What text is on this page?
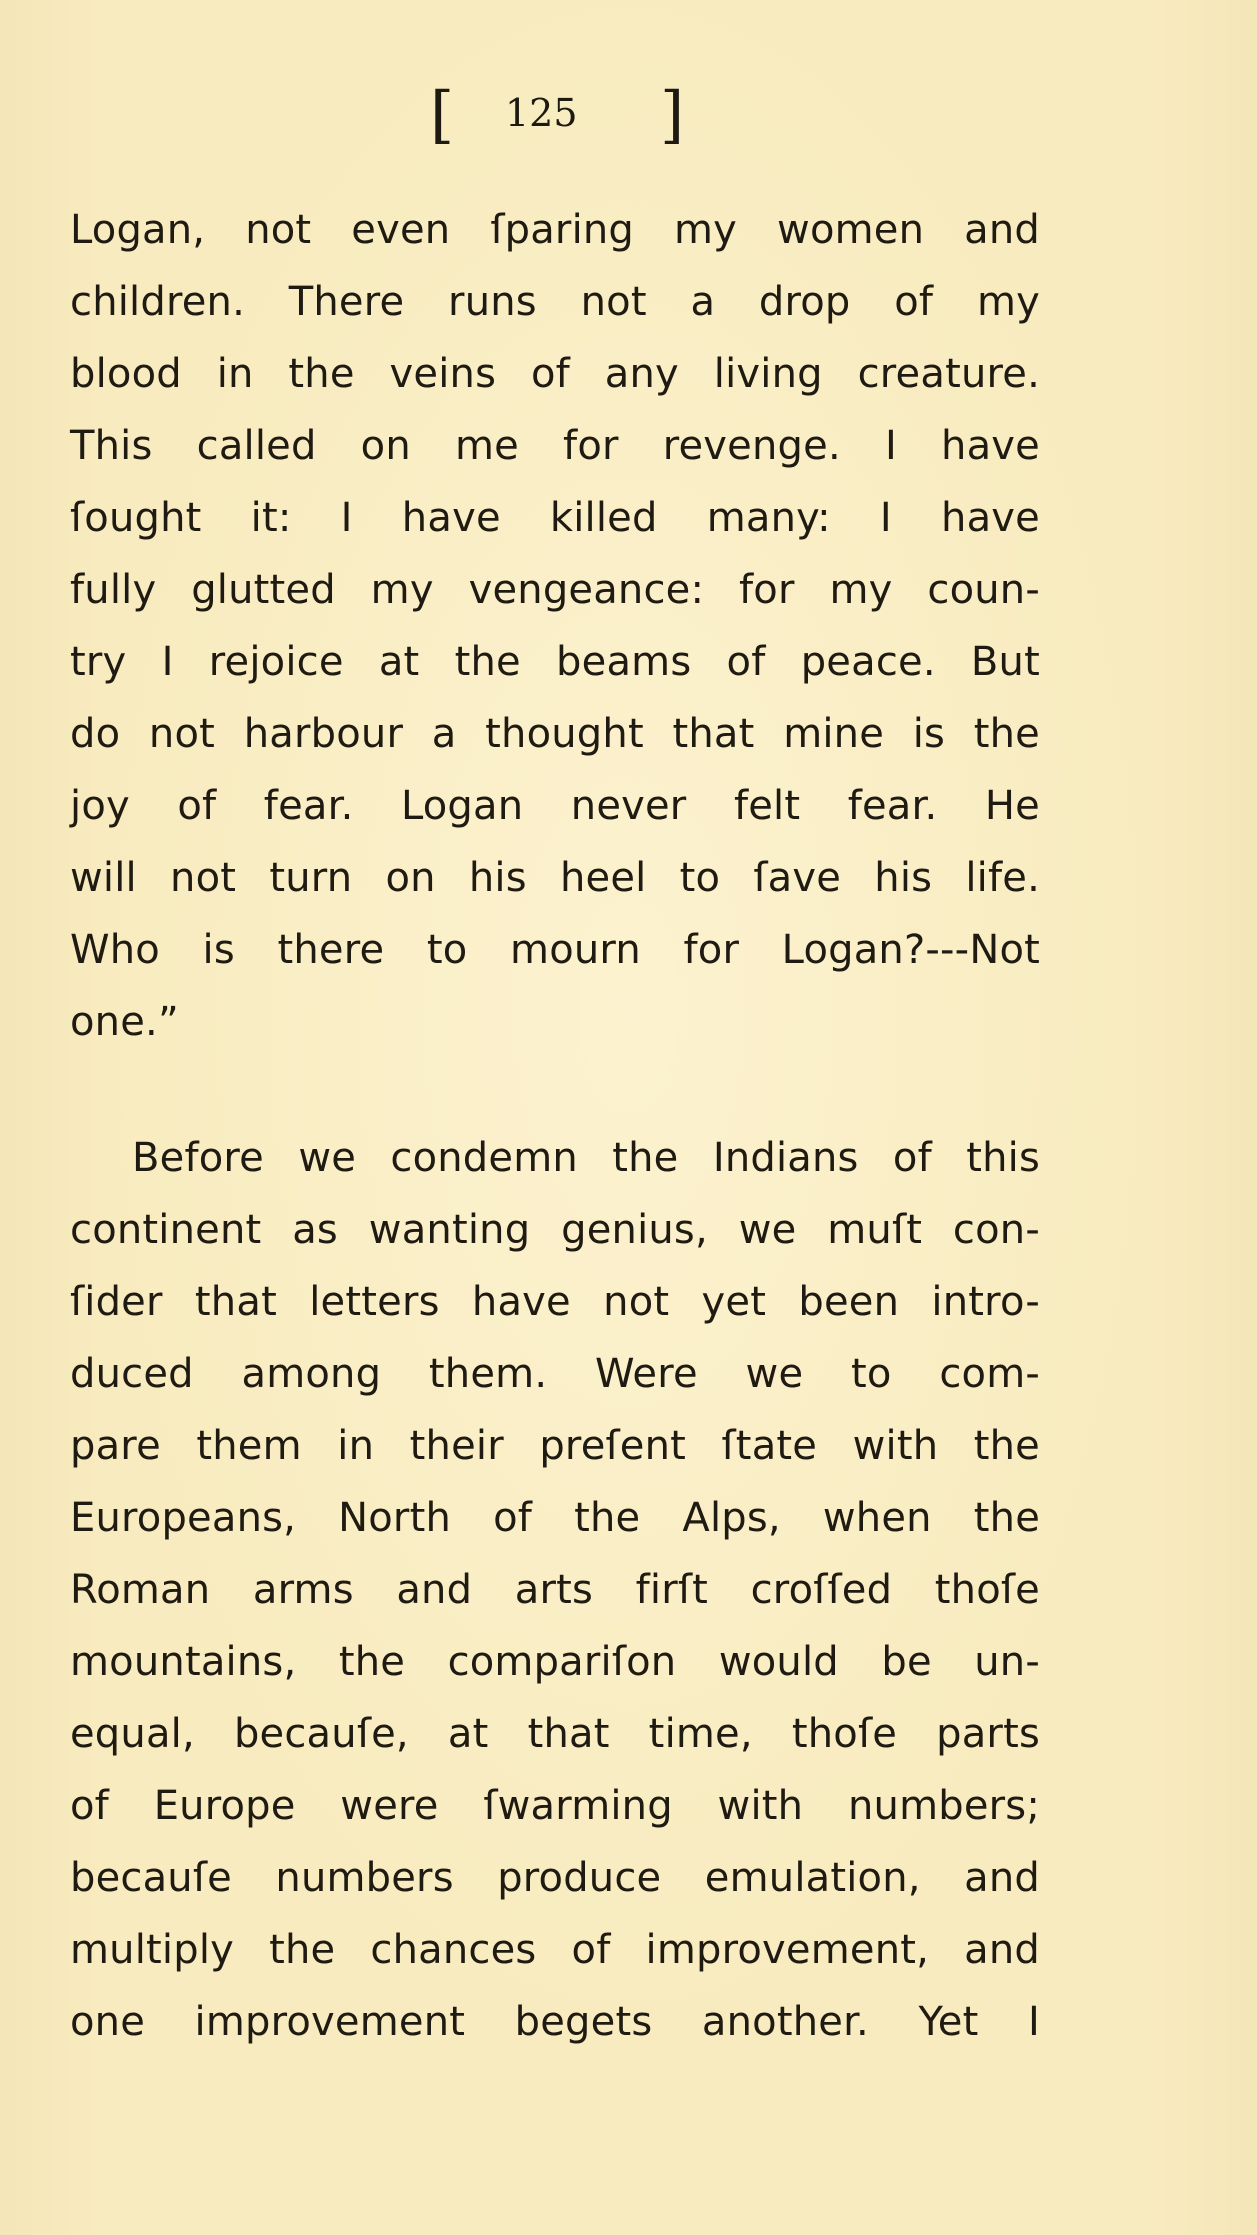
[ 125 ]
Logan, not even ſparing my women and
children. There runs not a drop of my
blood in the veins of any living creature.
This called on me for revenge. I have
ſought it: I have killed many: I have
fully glutted my vengeance: for my coun-
try I rejoice at the beams of peace. But
do not harbour a thought that mine is the
joy of fear. Logan never felt fear. He
will not turn on his heel to ſave his life.
Who is there to mourn for Logan?---Not
one.”
Before we condemn the Indians of this
continent as wanting genius, we muſt con-
ſider that letters have not yet been intro-
duced among them. Were we to com-
pare them in their preſent ſtate with the
Europeans, North of the Alps, when the
Roman arms and arts firſt croſſed thoſe
mountains, the compariſon would be un-
equal, becauſe, at that time, thoſe parts
of Europe were ſwarming with numbers;
becauſe numbers produce emulation, and
multiply the chances of improvement, and
one improvement begets another. Yet I
